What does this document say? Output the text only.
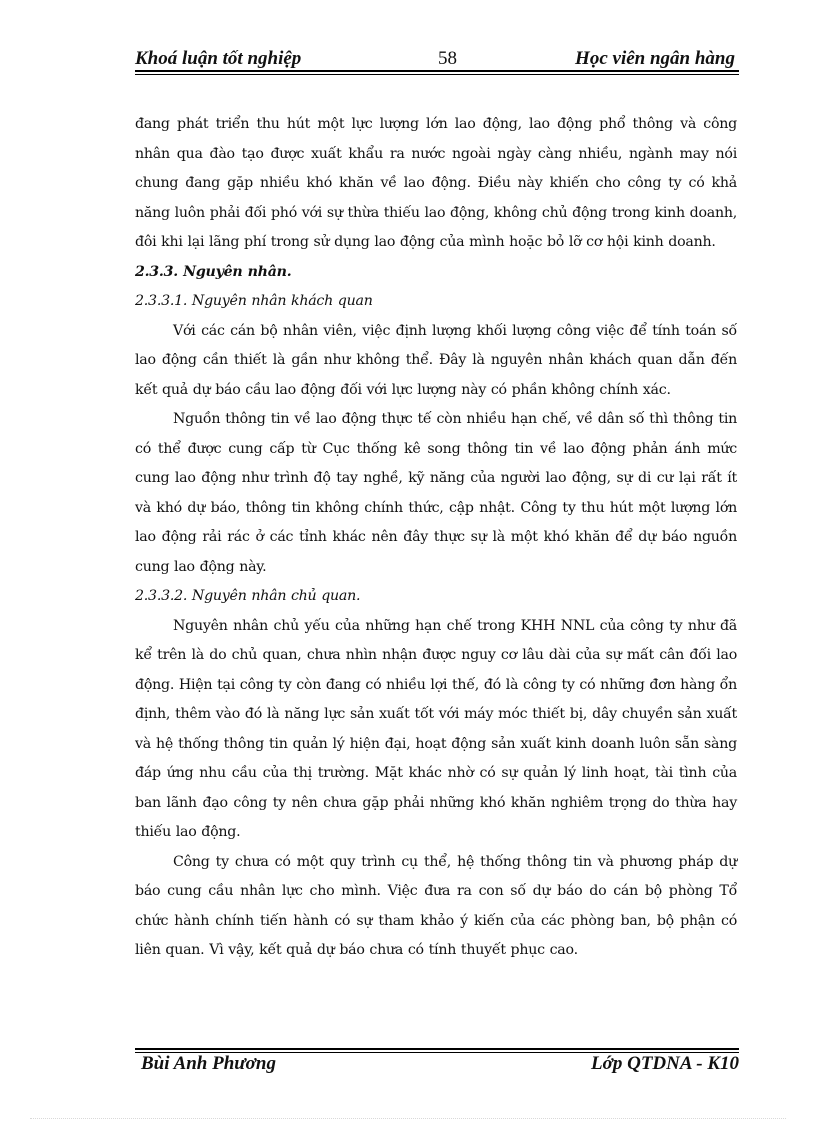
Khoá luận tốt nghiệp	58	Học viên ngân hàng

đang phát triển thu hút một lực lượng lớn lao động, lao động phổ thông và công nhân qua đào tạo được xuất khẩu ra nước ngoài ngày càng nhiều, ngành may nói chung đang gặp nhiều khó khăn về lao động. Điều này khiến cho công ty có khả năng luôn phải đối phó với sự thừa thiếu lao động, không chủ động trong kinh doanh, đôi khi lại lãng phí trong sử dụng lao động của mình hoặc bỏ lỡ cơ hội kinh doanh.

2.3.3. Nguyên nhân.

2.3.3.1. Nguyên nhân khách quan

Với các cán bộ nhân viên, việc định lượng khối lượng công việc để tính toán số lao động cần thiết là gần như không thể. Đây là nguyên nhân khách quan dẫn đến kết quả dự báo cầu lao động đối với lực lượng này có phần không chính xác.

Nguồn thông tin về lao động thực tế còn nhiều hạn chế, về dân số thì thông tin có thể được cung cấp từ Cục thống kê song thông tin về lao động phản ánh mức cung lao động như trình độ tay nghề, kỹ năng của người lao động, sự di cư lại rất ít và khó dự báo, thông tin không chính thức, cập nhật. Công ty thu hút một lượng lớn lao động rải rác ở các tỉnh khác nên đây thực sự là một khó khăn để dự báo nguồn cung lao động này.

2.3.3.2. Nguyên nhân chủ quan.

Nguyên nhân chủ yếu của những hạn chế trong KHH NNL của công ty như đã kể trên là do chủ quan, chưa nhìn nhận được nguy cơ lâu dài của sự mất cân đối lao động. Hiện tại công ty còn đang có nhiều lợi thế, đó là công ty có những đơn hàng ổn định, thêm vào đó là năng lực sản xuất tốt với máy móc thiết bị, dây chuyền sản xuất và hệ thống thông tin quản lý hiện đại, hoạt động sản xuất kinh doanh luôn sẵn sàng đáp ứng nhu cầu của thị trường. Mặt khác nhờ có sự quản lý linh hoạt, tài tình của ban lãnh đạo công ty nên chưa gặp phải những khó khăn nghiêm trọng do thừa hay thiếu lao động.

Công ty chưa có một quy trình cụ thể, hệ thống thông tin và phương pháp dự báo cung cầu nhân lực cho mình. Việc đưa ra con số dự báo do cán bộ phòng Tổ chức hành chính tiến hành có sự tham khảo ý kiến của các phòng ban, bộ phận có liên quan. Vì vậy, kết quả dự báo chưa có tính thuyết phục cao.

Bùi Anh Phương	Lớp QTDNA - K10
